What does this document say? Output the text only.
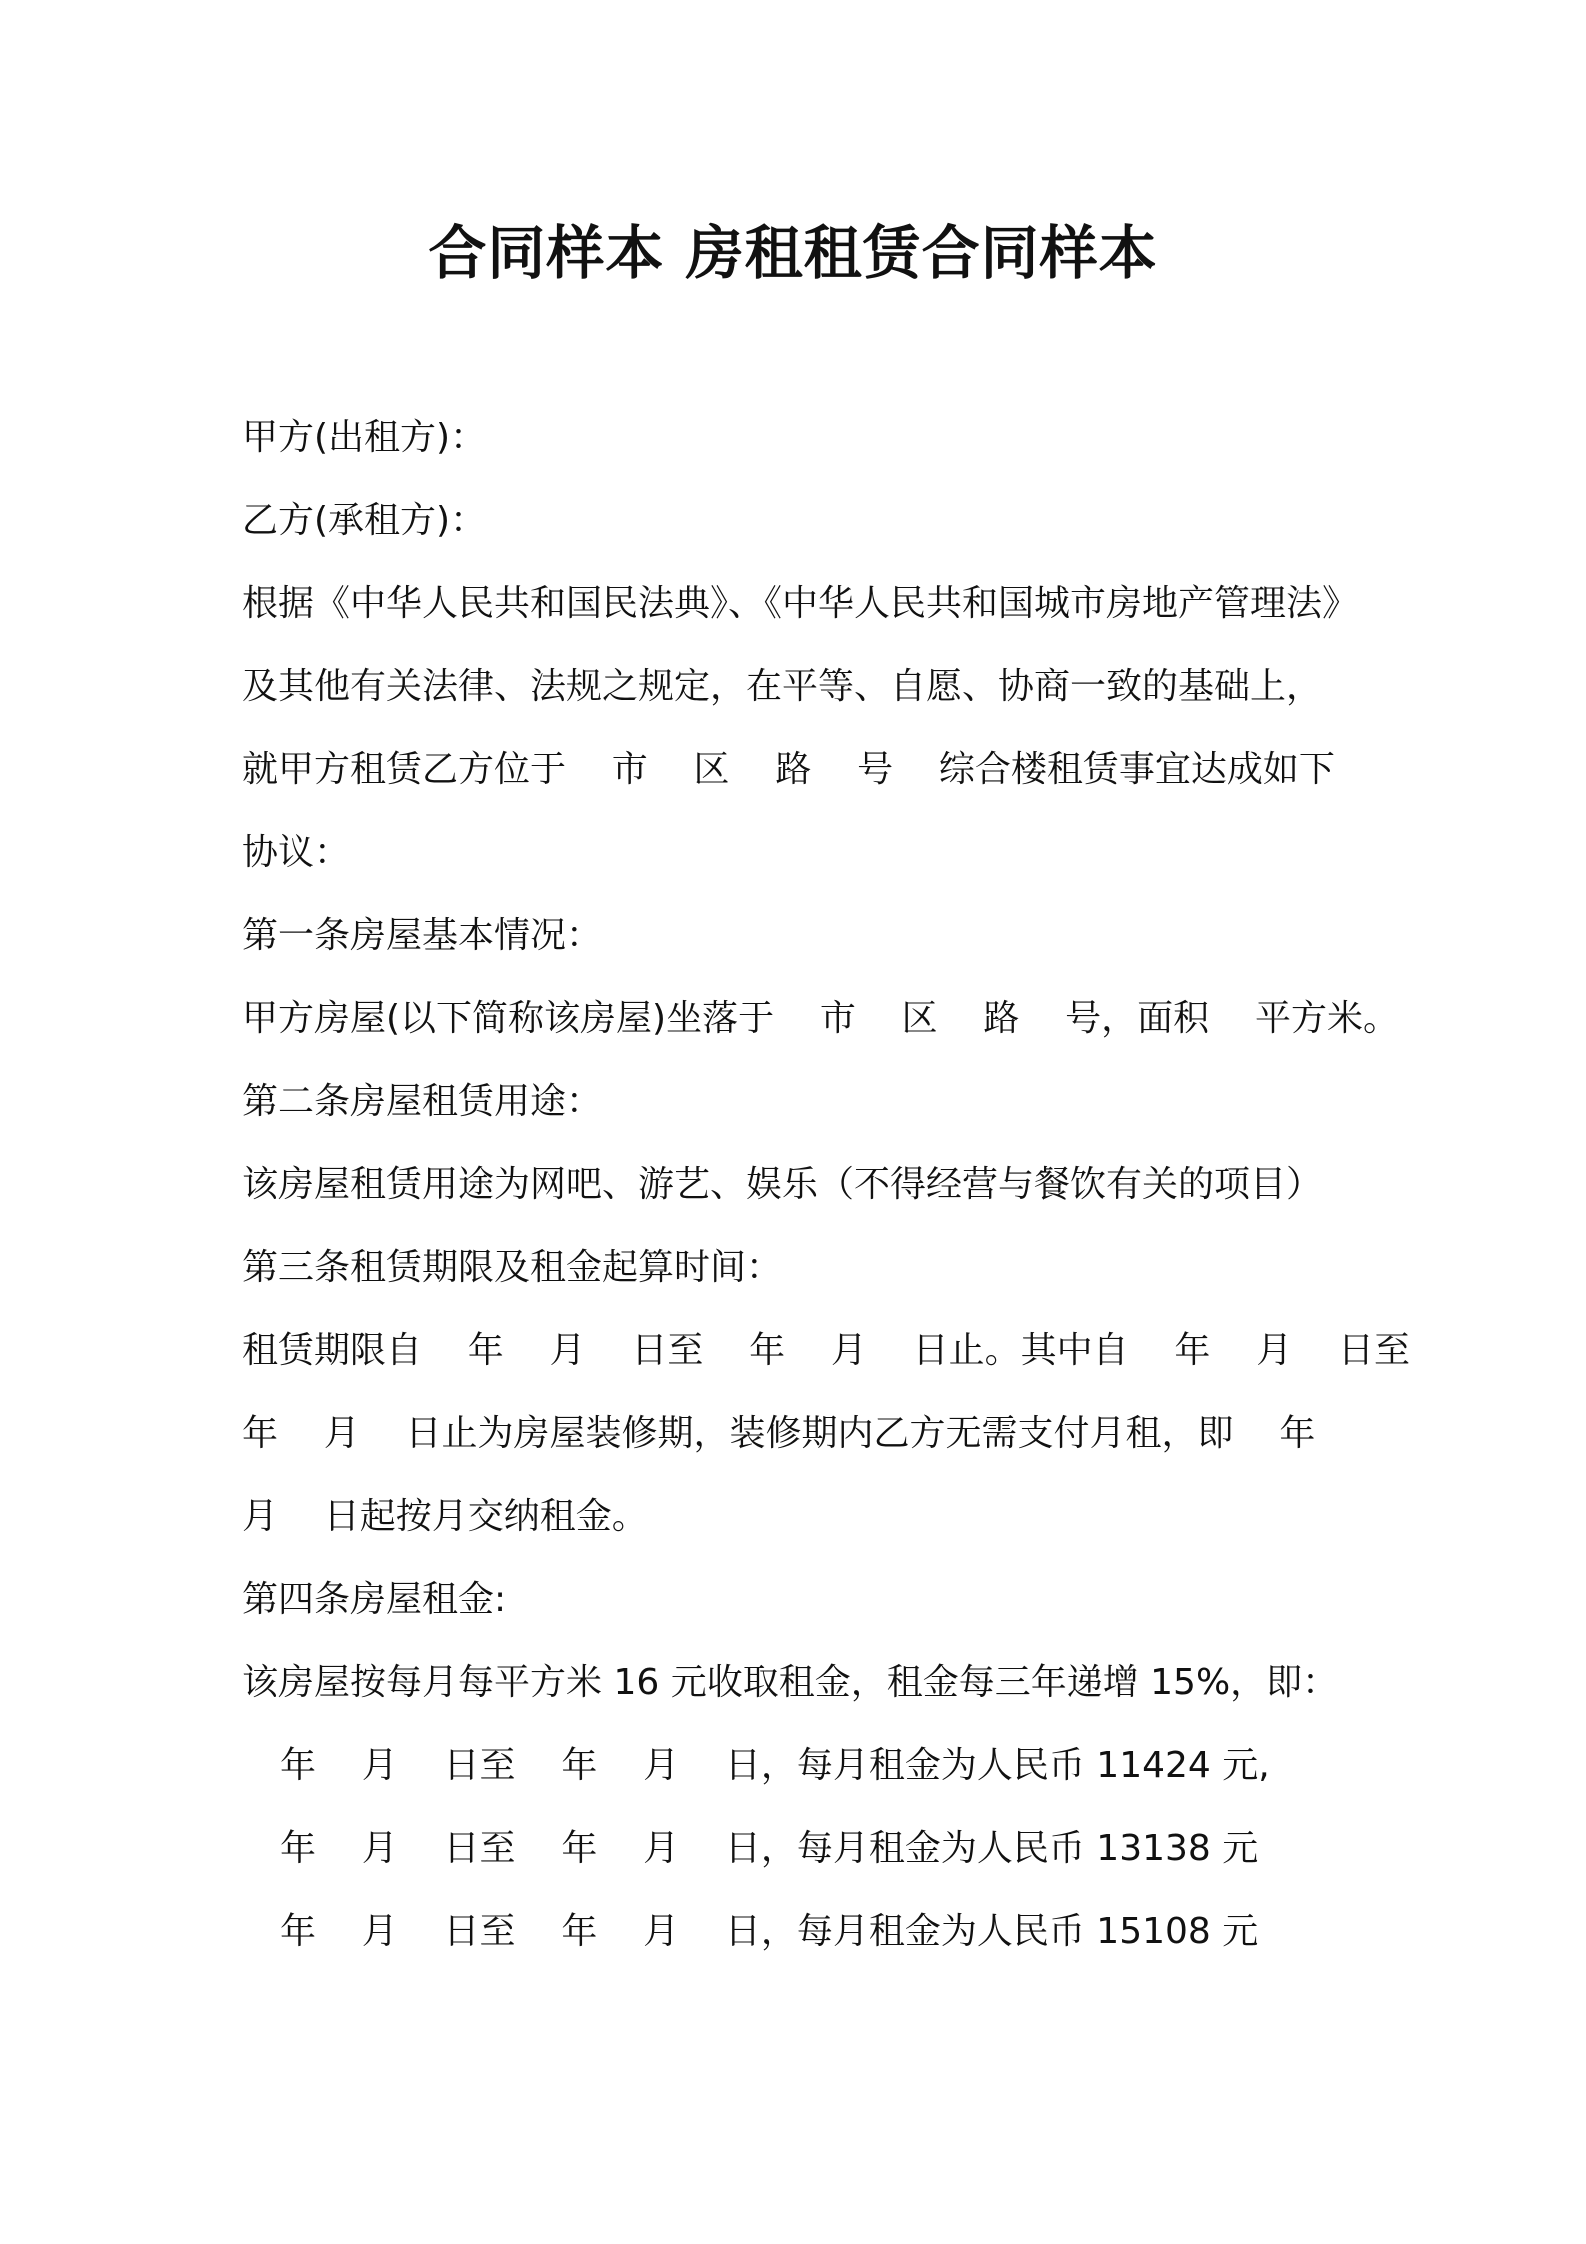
合同样本 房租租赁合同样本
甲方(出租方)：
乙方(承租方)：
根据《中华人民共和国民法典》、《中华人民共和国城市房地产管理法》
及其他有关法律、法规之规定，在平等、自愿、协商一致的基础上，
就甲方租赁乙方位于    市    区    路    号    综合楼租赁事宜达成如下
协议：
第一条房屋基本情况：
甲方房屋(以下简称该房屋)坐落于    市    区    路    号，面积    平方米。
第二条房屋租赁用途：
该房屋租赁用途为网吧、游艺、娱乐（不得经营与餐饮有关的项目）
第三条租赁期限及租金起算时间：
租赁期限自    年    月    日至    年    月    日止。其中自    年    月    日至
年    月    日止为房屋装修期，装修期内乙方无需支付月租，即    年
月    日起按月交纳租金。
第四条房屋租金:
该房屋按每月每平方米 16 元收取租金，租金每三年递增 15%，即：
年    月    日至    年    月    日，每月租金为人民币 11424 元,
年    月    日至    年    月    日，每月租金为人民币 13138 元
年    月    日至    年    月    日，每月租金为人民币 15108 元
